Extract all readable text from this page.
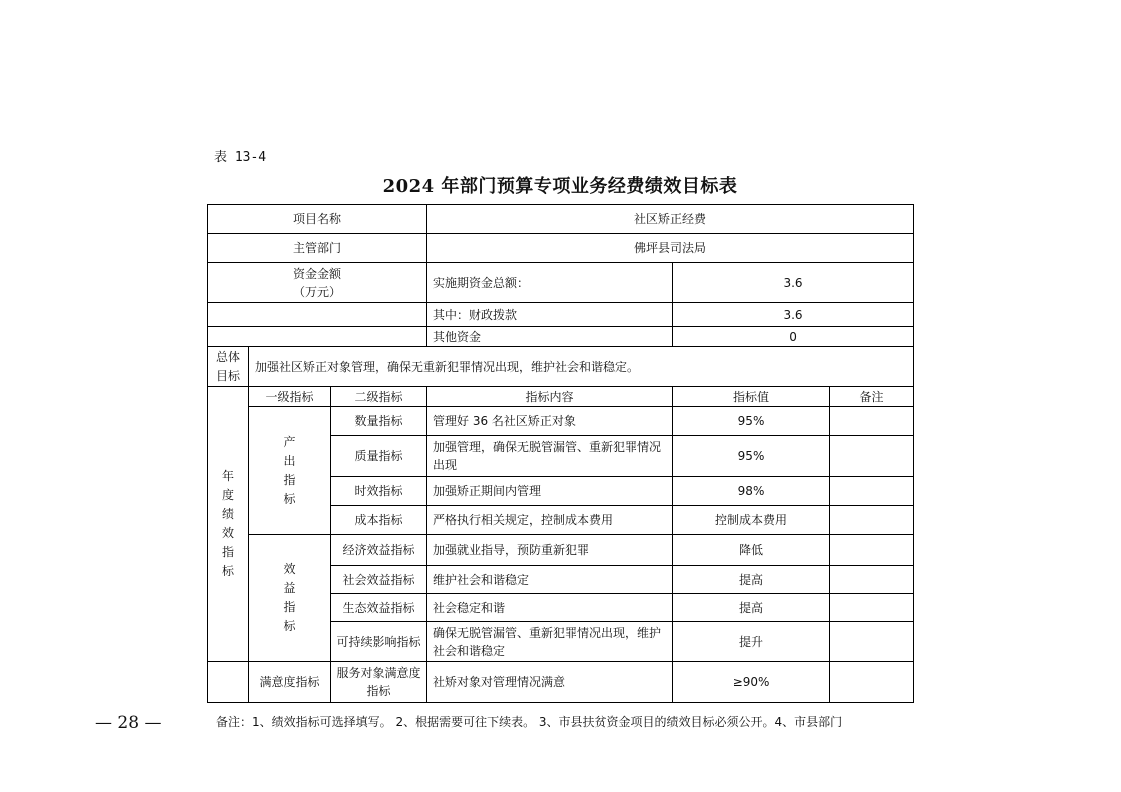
表 13-4
2024 年部门预算专项业务经费绩效目标表
项目名称			社区矫正经费		
主管部门			佛坪县司法局		

资金金额
（万元）			实施期资金总额：	3.6	
			其中：财政拨款	3.6	
			其他资金	0	
总体目标	加强社区矫正对象管理，确保无重新犯罪情况出现，维护社会和谐稳定。				
年度绩效指标	一级指标	二级指标	指标内容	指标值	备注
	产出指标	数量指标	管理好 36 名社区矫正对象	95%	
		质量指标	加强管理，确保无脱管漏管、重新犯罪情况出现	95%	
		时效指标	加强矫正期间内管理	98%	
		成本指标	严格执行相关规定，控制成本费用	控制成本费用	
	效益指标	经济效益指标	加强就业指导，预防重新犯罪	降低	
		社会效益指标	维护社会和谐稳定	提高	
		生态效益指标	社会稳定和谐	提高	
		可持续影响指标	确保无脱管漏管、重新犯罪情况出现，维护社会和谐稳定	提升	
	满意度指标	服务对象满意度指标	社矫对象对管理情况满意	≥90%	
— 28 —	备注：1、绩效指标可选择填写。 2、根据需要可往下续表。 3、市县扶贫资金项目的绩效目标必须公开。4、市县部门
